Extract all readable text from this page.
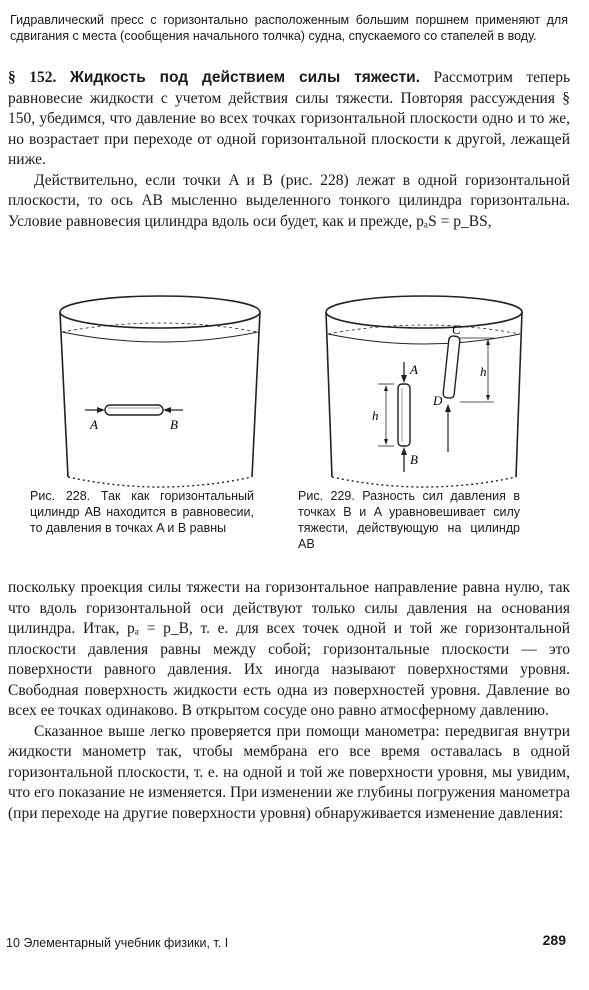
Гидравлический пресс с горизонтально расположенным большим поршнем применяют для сдвигания с места (сообщения начального толчка) судна, спускаемого со стапелей в воду.

§ 152. Жидкость под действием силы тяжести. Рассмотрим теперь равновесие жидкости с учетом действия силы тяжести. Повторяя рассуждения § 150, убедимся, что давление во всех точках горизонтальной плоскости одно и то же, но возрастает при переходе от одной горизонтальной плоскости к другой, лежащей ниже.

Действительно, если точки A и B (рис. 228) лежат в одной горизонтальной плоскости, то ось AB мысленно выделенного тонкого цилиндра горизонтальна. Условие равновесия цилиндра вдоль оси будет, как и прежде, pₐS = p_BS,

A	B
Рис. 228. Так как горизонтальный цилиндр AB находится в равновесии, то давления в точках A и B равны
A
B
C
D
h
h
Рис. 229. Разность сил давления в точках B и A уравновешивает силу тяжести, действующую на цилиндр AB

поскольку проекция силы тяжести на горизонтальное направление равна нулю, так что вдоль горизонтальной оси действуют только силы давления на основания цилиндра. Итак, pₐ = p_B, т. е. для всех точек одной и той же горизонтальной плоскости давления равны между собой; горизонтальные плоскости — это поверхности равного давления. Их иногда называют поверхностями уровня. Свободная поверхность жидкости есть одна из поверхностей уровня. Давление во всех ее точках одинаково. В открытом сосуде оно равно атмосферному давлению.

Сказанное выше легко проверяется при помощи манометра: передвигая внутри жидкости манометр так, чтобы мембрана его все время оставалась в одной горизонтальной плоскости, т. е. на одной и той же поверхности уровня, мы увидим, что его показание не изменяется. При изменении же глубины погружения манометра (при переходе на другие поверхности уровня) обнаруживается изменение давления:

10 Элементарный учебник физики, т. I	289
